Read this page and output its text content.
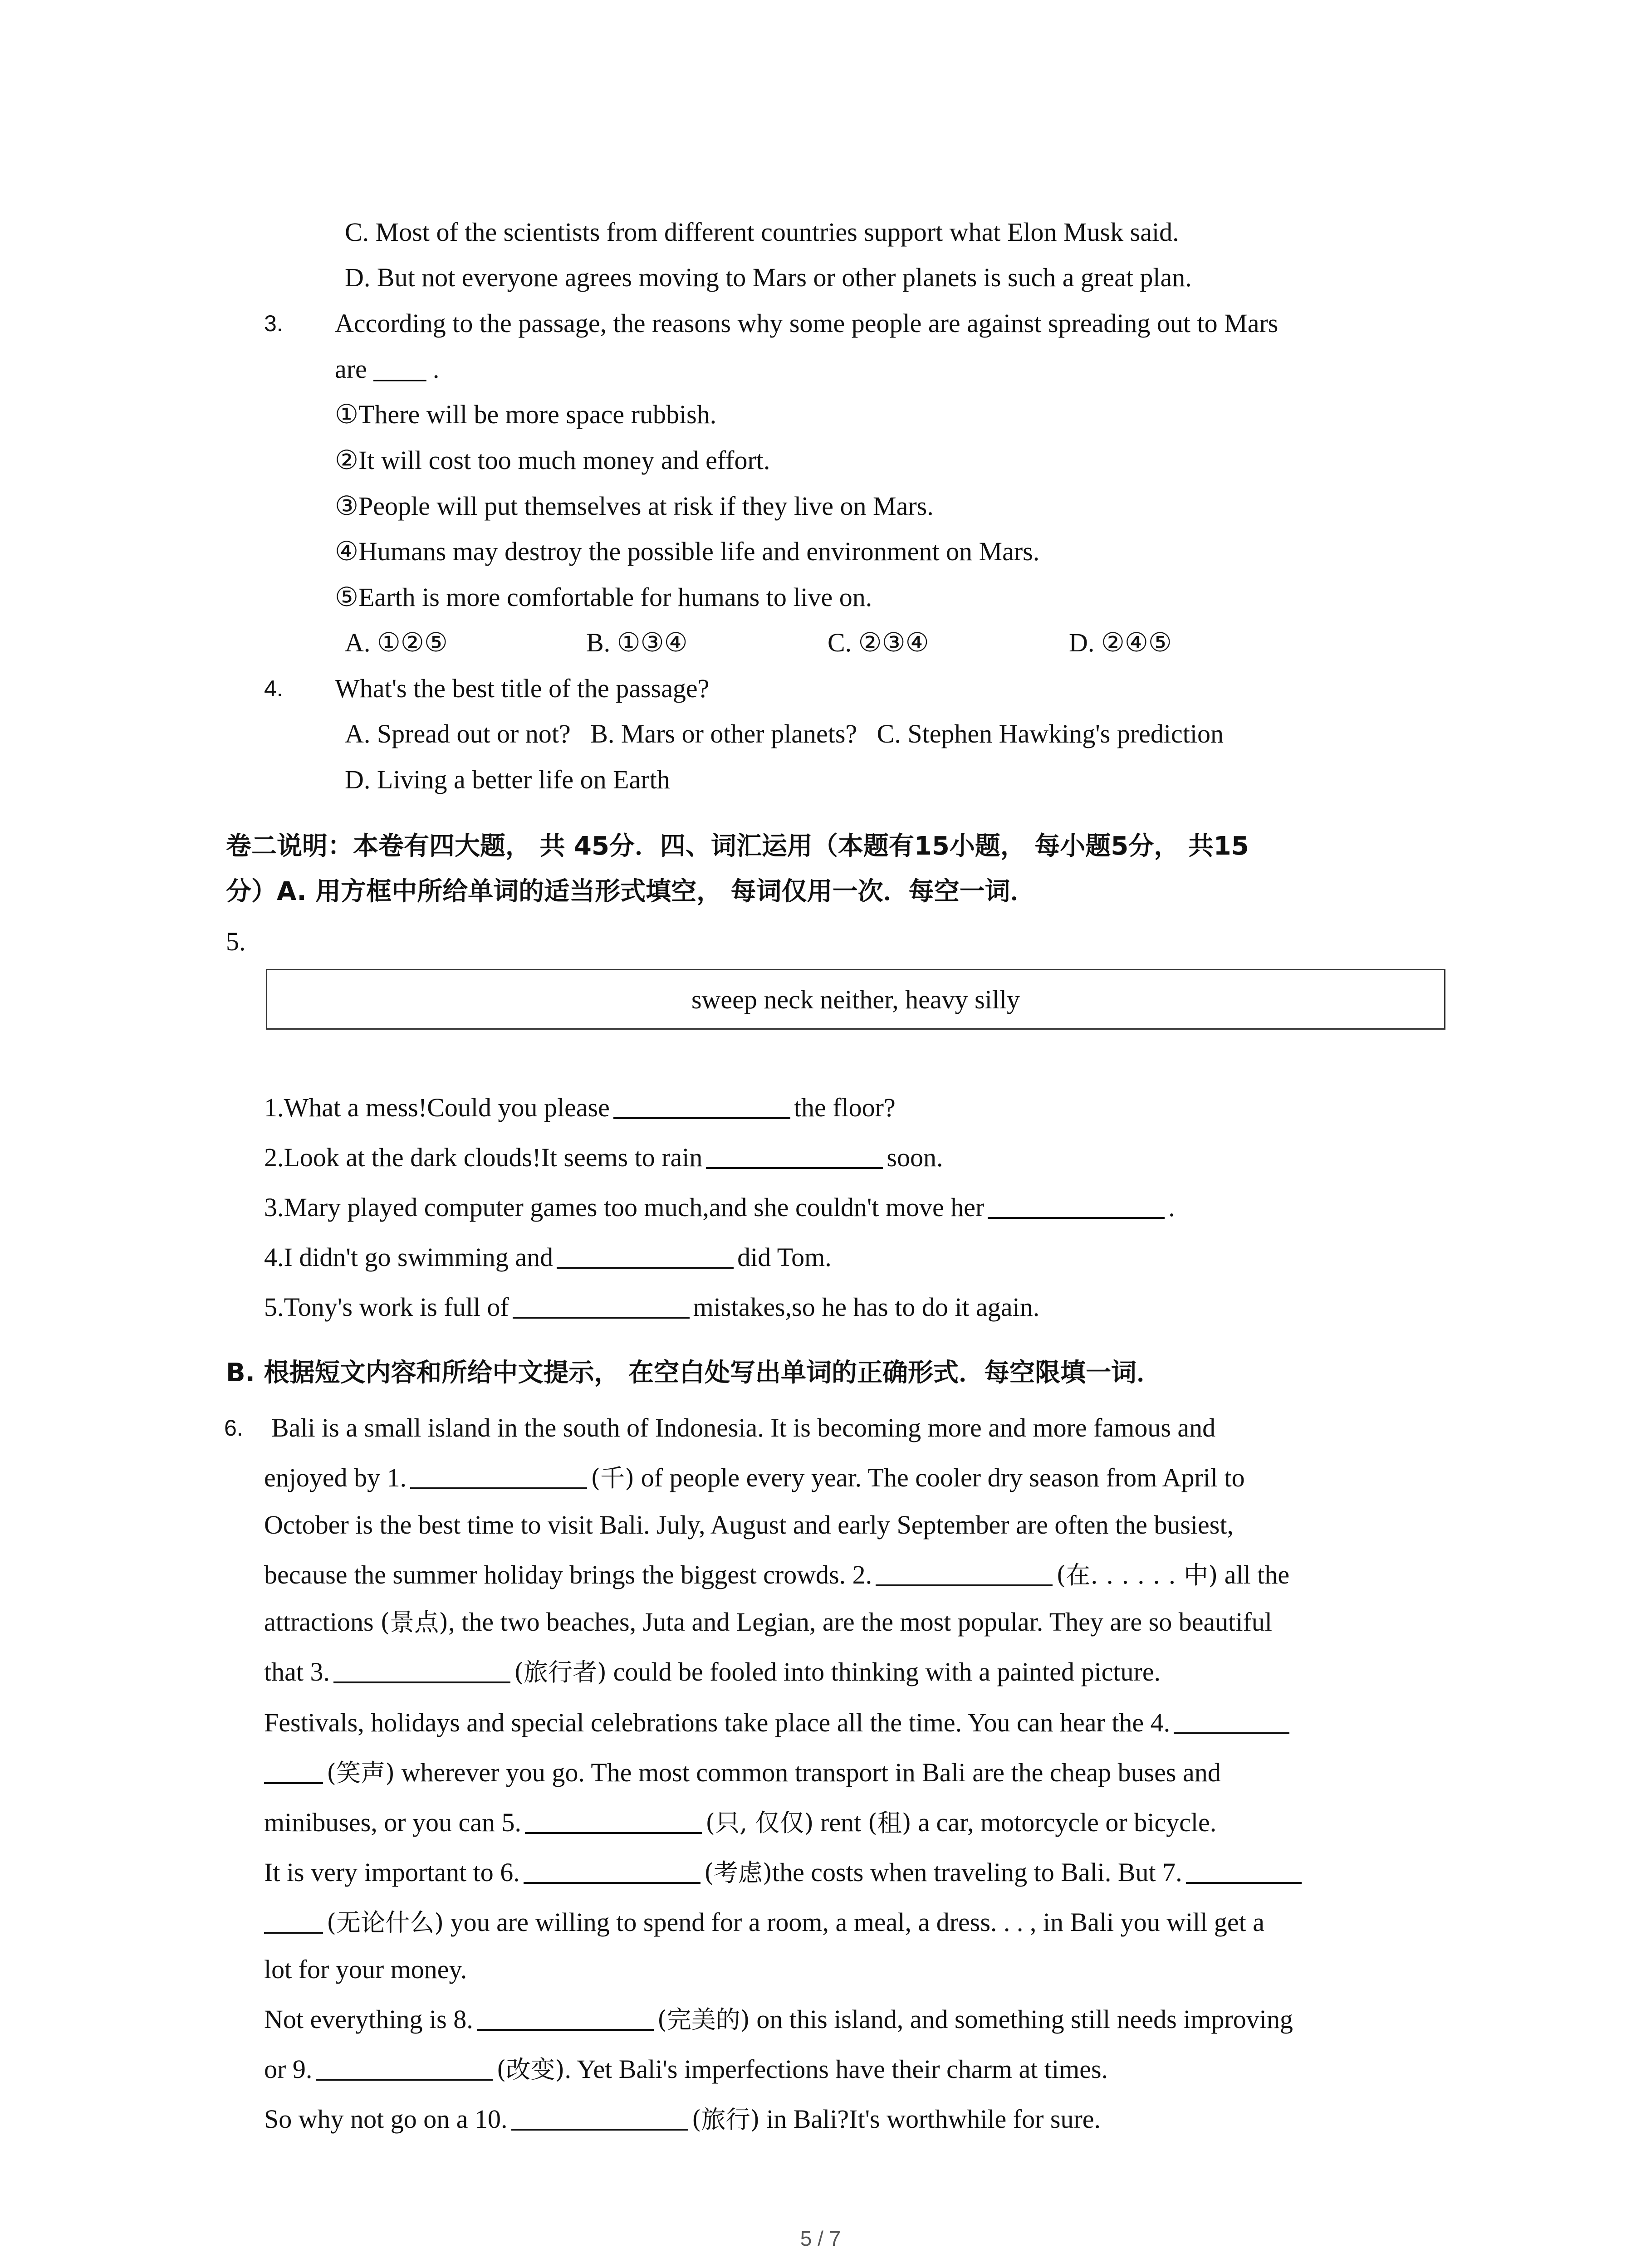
C. Most of the scientists from different countries support what Elon Musk said.
D. But not everyone agrees moving to Mars or other planets is such a great plan.
3. According to the passage, the reasons why some people are against spreading out to Mars
are ____ .
①There will be more space rubbish.
②It will cost too much money and effort.
③People will put themselves at risk if they live on Mars.
④Humans may destroy the possible life and environment on Mars.
⑤Earth is more comfortable for humans to live on.
A. ①②⑤	B. ①③④	C. ②③④	D. ②④⑤
4. What's the best title of the passage?
A. Spread out or not?   B. Mars or other planets?   C. Stephen Hawking's prediction
D. Living a better life on Earth
卷二说明：本卷有四大题， 共 45分．四、词汇运用（本题有15小题， 每小题5分， 共15
分）A. 用方框中所给单词的适当形式填空， 每词仅用一次．每空一词．
5.
sweep neck neither, heavy silly
1.What a mess!Could you please	the floor?
2.Look at the dark clouds!It seems to rain	soon.
3.Mary played computer games too much,and she couldn't move her	.
4.I didn't go swimming and	did Tom.
5.Tony's work is full of	mistakes,so he has to do it again.
B. 根据短文内容和所给中文提示， 在空白处写出单词的正确形式．每空限填一词．
6. Bali is a small island in the south of Indonesia. It is becoming more and more famous and
enjoyed by 1.	(千) of people every year. The cooler dry season from April to
October is the best time to visit Bali. July, August and early September are often the busiest,
because the summer holiday brings the biggest crowds. 2.	(在. . . . . . 中) all the
attractions (景点), the two beaches, Juta and Legian, are the most popular. They are so beautiful
that 3.	(旅行者) could be fooled into thinking with a painted picture.
Festivals, holidays and special celebrations take place all the time. You can hear the 4.
(笑声) wherever you go. The most common transport in Bali are the cheap buses and
minibuses, or you can 5.	(只, 仅仅) rent (租) a car, motorcycle or bicycle.
It is very important to 6.	(考虑)the costs when traveling to Bali. But 7.
(无论什么) you are willing to spend for a room, a meal, a dress. . . , in Bali you will get a
lot for your money.
Not everything is 8.	(完美的) on this island, and something still needs improving
or 9.	(改变). Yet Bali's imperfections have their charm at times.
So why not go on a 10.	(旅行) in Bali?It's worthwhile for sure.
5 / 7
